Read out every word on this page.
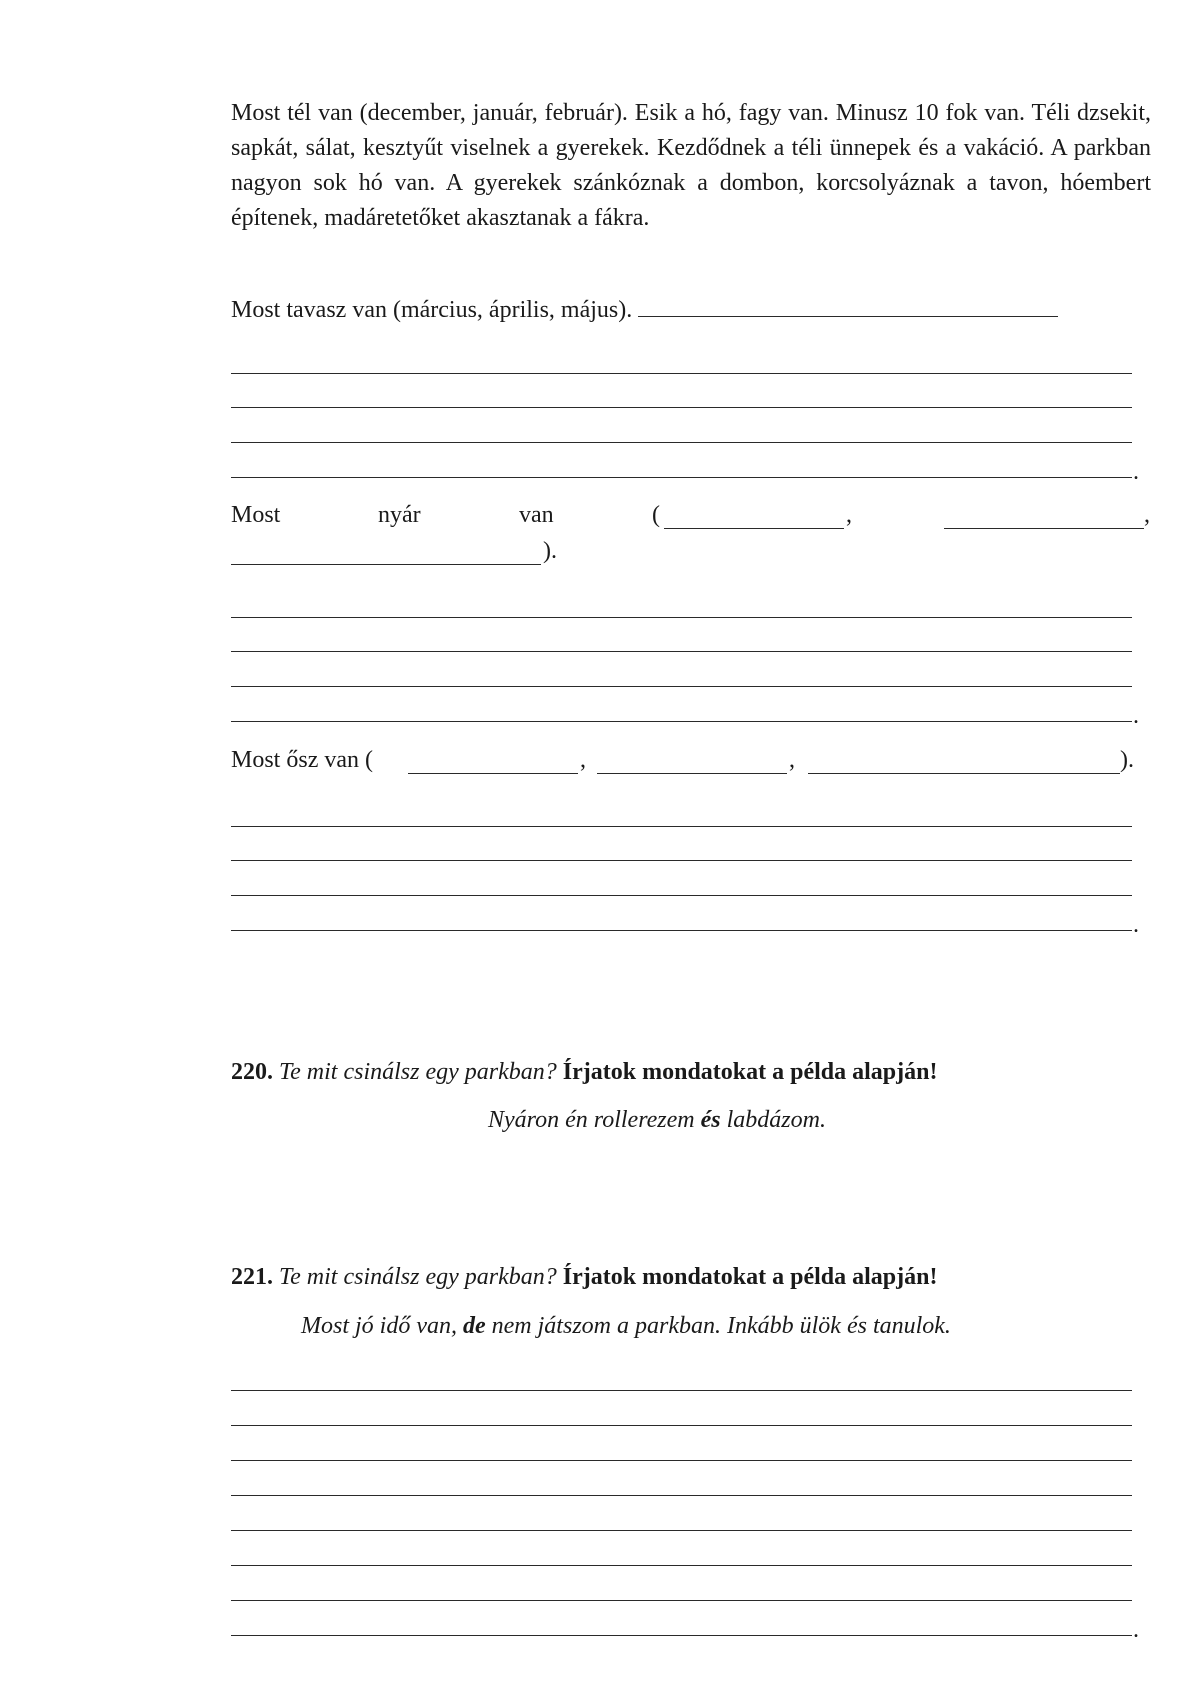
Most tél van (december, január, február). Esik a hó, fagy van. Minusz 10 fok van. Téli dzsekit, sapkát, sálat, kesztyűt viselnek a gyerekek. Kezdődnek a téli ünnepek és a vakáció. A parkban nagyon sok hó van. A gyerekek szánkóznak a dombon, korcsolyáznak a tavon, hóembert építenek, madáretetőket akasztanak a fákra.
Most tavasz van (március, április, május).
.
Most	nyár	van	(	,	,
).
.
Most ősz van (	,	,	).
.
220. Te mit csinálsz egy parkban? Írjatok mondatokat a példa alapján!
Nyáron én rollerezem és labdázom.
221. Te mit csinálsz egy parkban? Írjatok mondatokat a példa alapján!
Most jó idő van, de nem játszom a parkban. Inkább ülök és tanulok.
.
